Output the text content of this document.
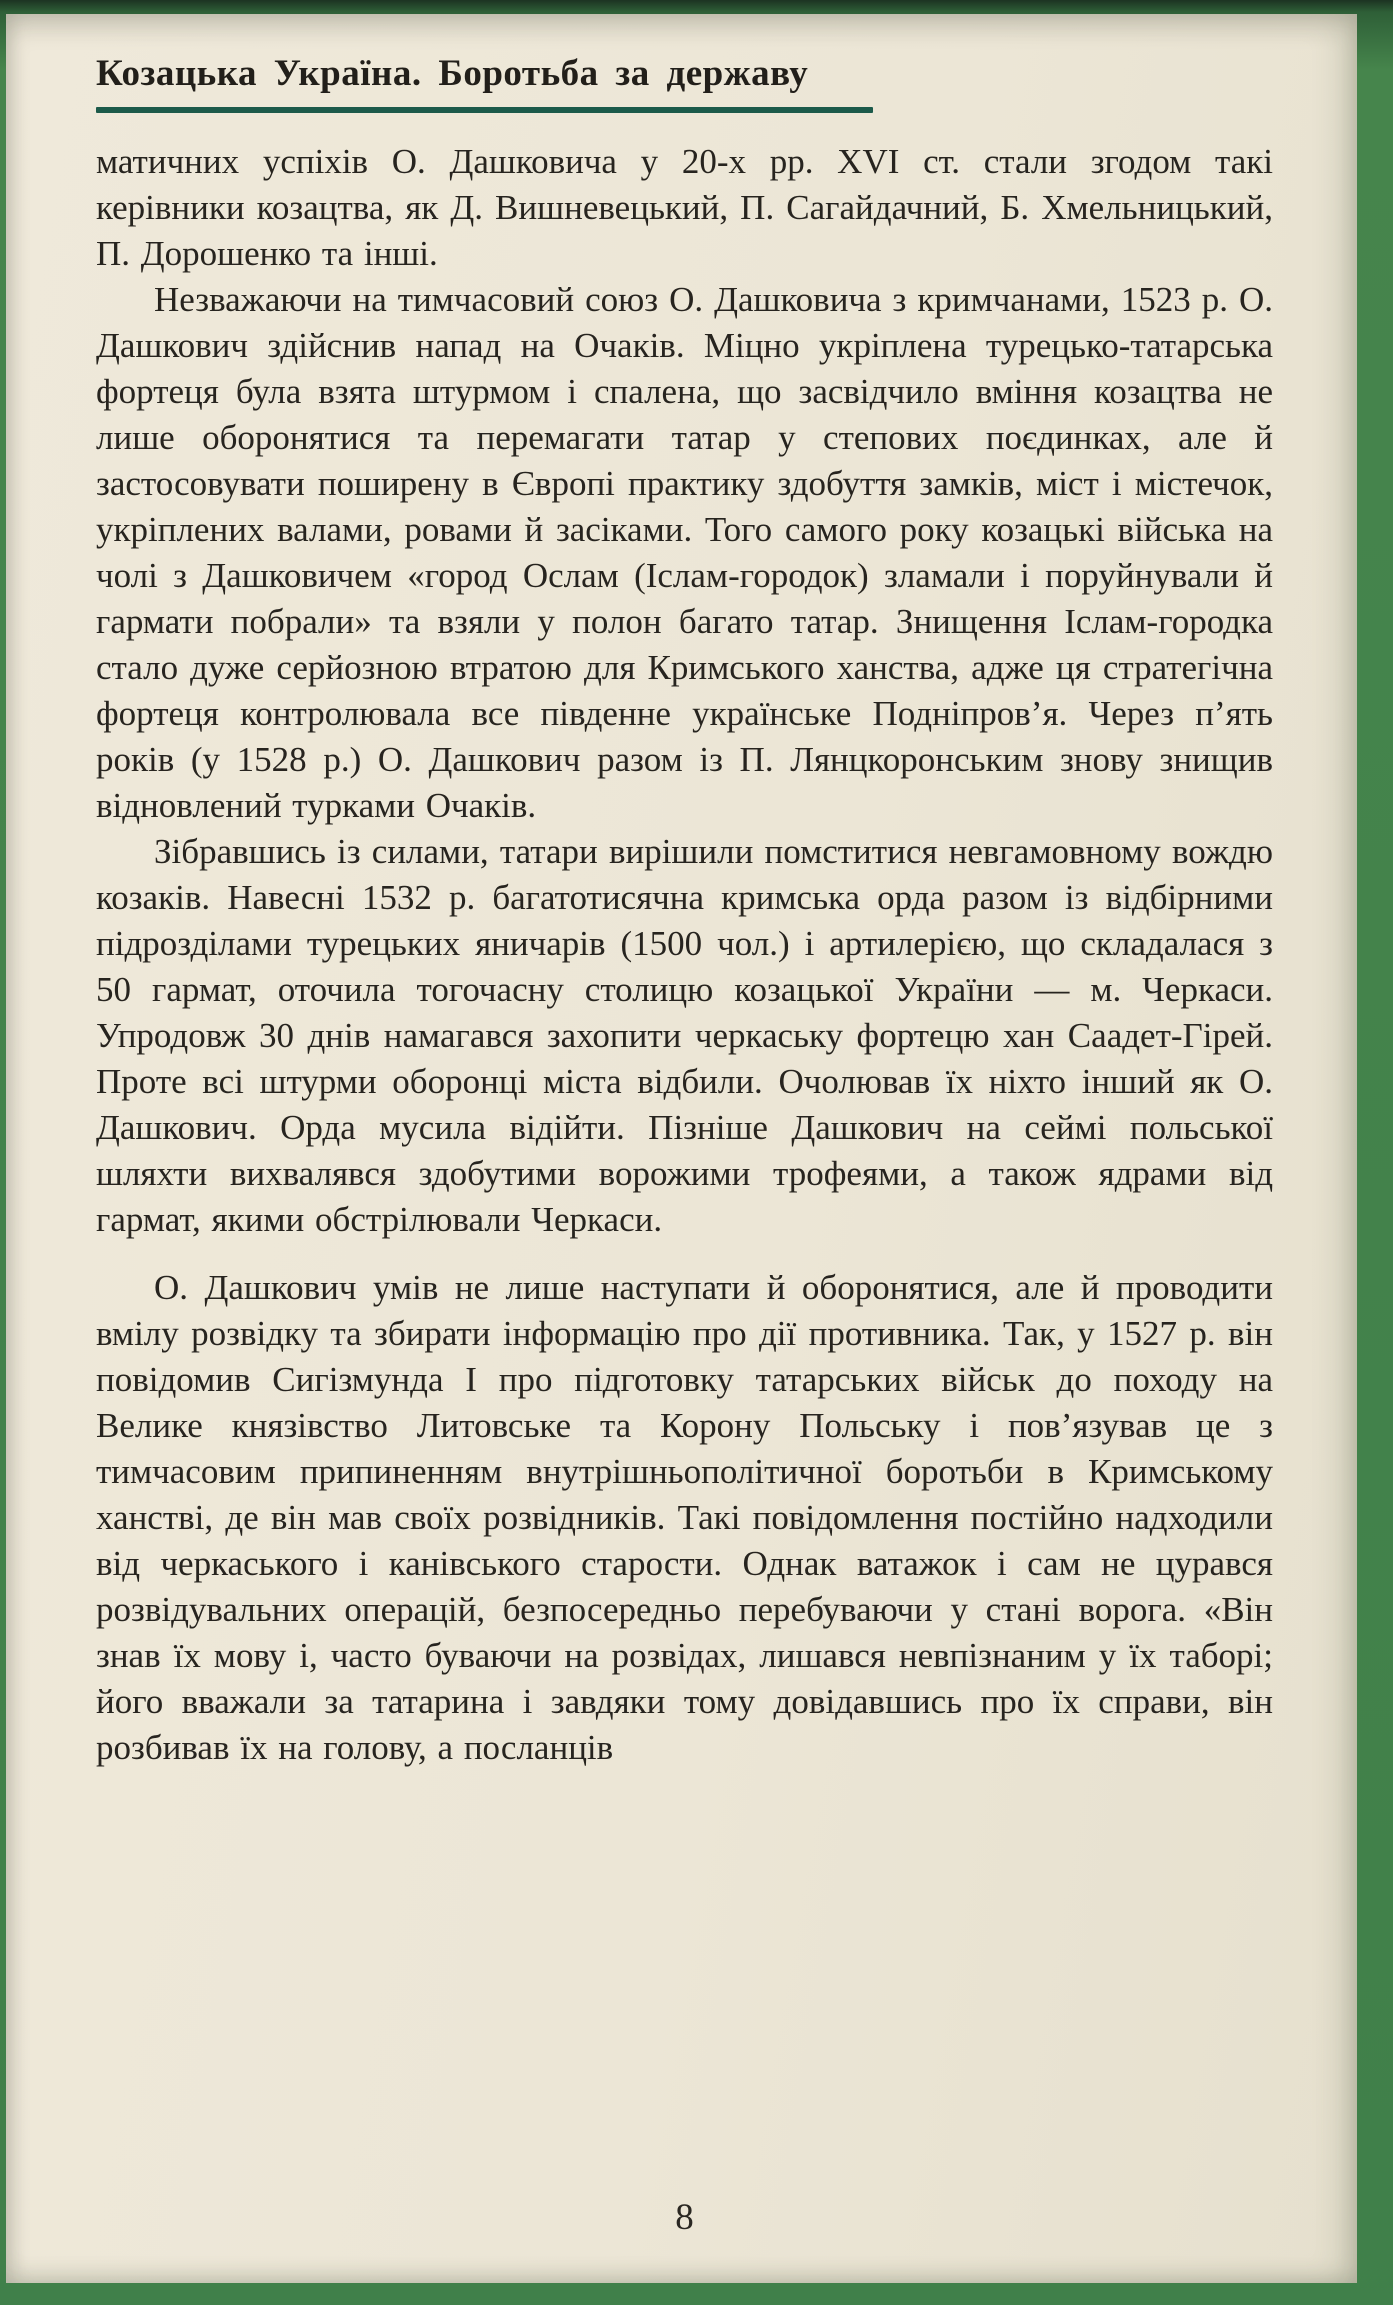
Козацька Україна. Боротьба за державу

матичних успіхів О. Дашковича у 20-х рр. XVI ст. стали згодом такі керівники козацтва, як Д. Вишневецький, П. Сагайдачний, Б. Хмельницький, П. Дорошенко та інші.

Незважаючи на тимчасовий союз О. Дашковича з кримчанами, 1523 р. О. Дашкович здійснив напад на Очаків. Міцно укріплена турецько-татарська фортеця була взята штурмом і спалена, що засвідчило вміння козацтва не лише оборонятися та перемагати татар у степових поєдинках, але й застосовувати поширену в Європі практику здобуття замків, міст і містечок, укріплених валами, ровами й засіками. Того самого року козацькі війська на чолі з Дашковичем «город Ослам (Іслам-городок) зламали і поруйнували й гармати побрали» та взяли у полон багато татар. Знищення Іслам-городка стало дуже серйозною втратою для Кримського ханства, адже ця стратегічна фортеця контролювала все південне українське Подніпров’я. Через п’ять років (у 1528 р.) О. Дашкович разом із П. Лянцкоронським знову знищив відновлений турками Очаків.

Зібравшись із силами, татари вирішили помститися невгамовному вождю козаків. Навесні 1532 р. багатотисячна кримська орда разом із відбірними підрозділами турецьких яничарів (1500 чол.) і артилерією, що складалася з 50 гармат, оточила тогочасну столицю козацької України — м. Черкаси. Упродовж 30 днів намагався захопити черкаську фортецю хан Саадет-Гірей. Проте всі штурми оборонці міста відбили. Очолював їх ніхто інший як О. Дашкович. Орда мусила відійти. Пізніше Дашкович на сеймі польської шляхти вихвалявся здобутими ворожими трофеями, а також ядрами від гармат, якими обстрілювали Черкаси.

О. Дашкович умів не лише наступати й оборонятися, але й проводити вмілу розвідку та збирати інформацію про дії противника. Так, у 1527 р. він повідомив Сигізмунда I про підготовку татарських військ до походу на Велике князівство Литовське та Корону Польську і пов’язував це з тимчасовим припиненням внутрішньополітичної боротьби в Кримському ханстві, де він мав своїх розвідників. Такі повідомлення постійно надходили від черкаського і канівського старости. Однак ватажок і сам не цурався розвідувальних операцій, безпосередньо перебуваючи у стані ворога. «Він знав їх мову і, часто буваючи на розвідах, лишався невпізнаним у їх таборі; його вважали за татарина і завдяки тому довідавшись про їх справи, він розбивав їх на голову, а посланців

8
